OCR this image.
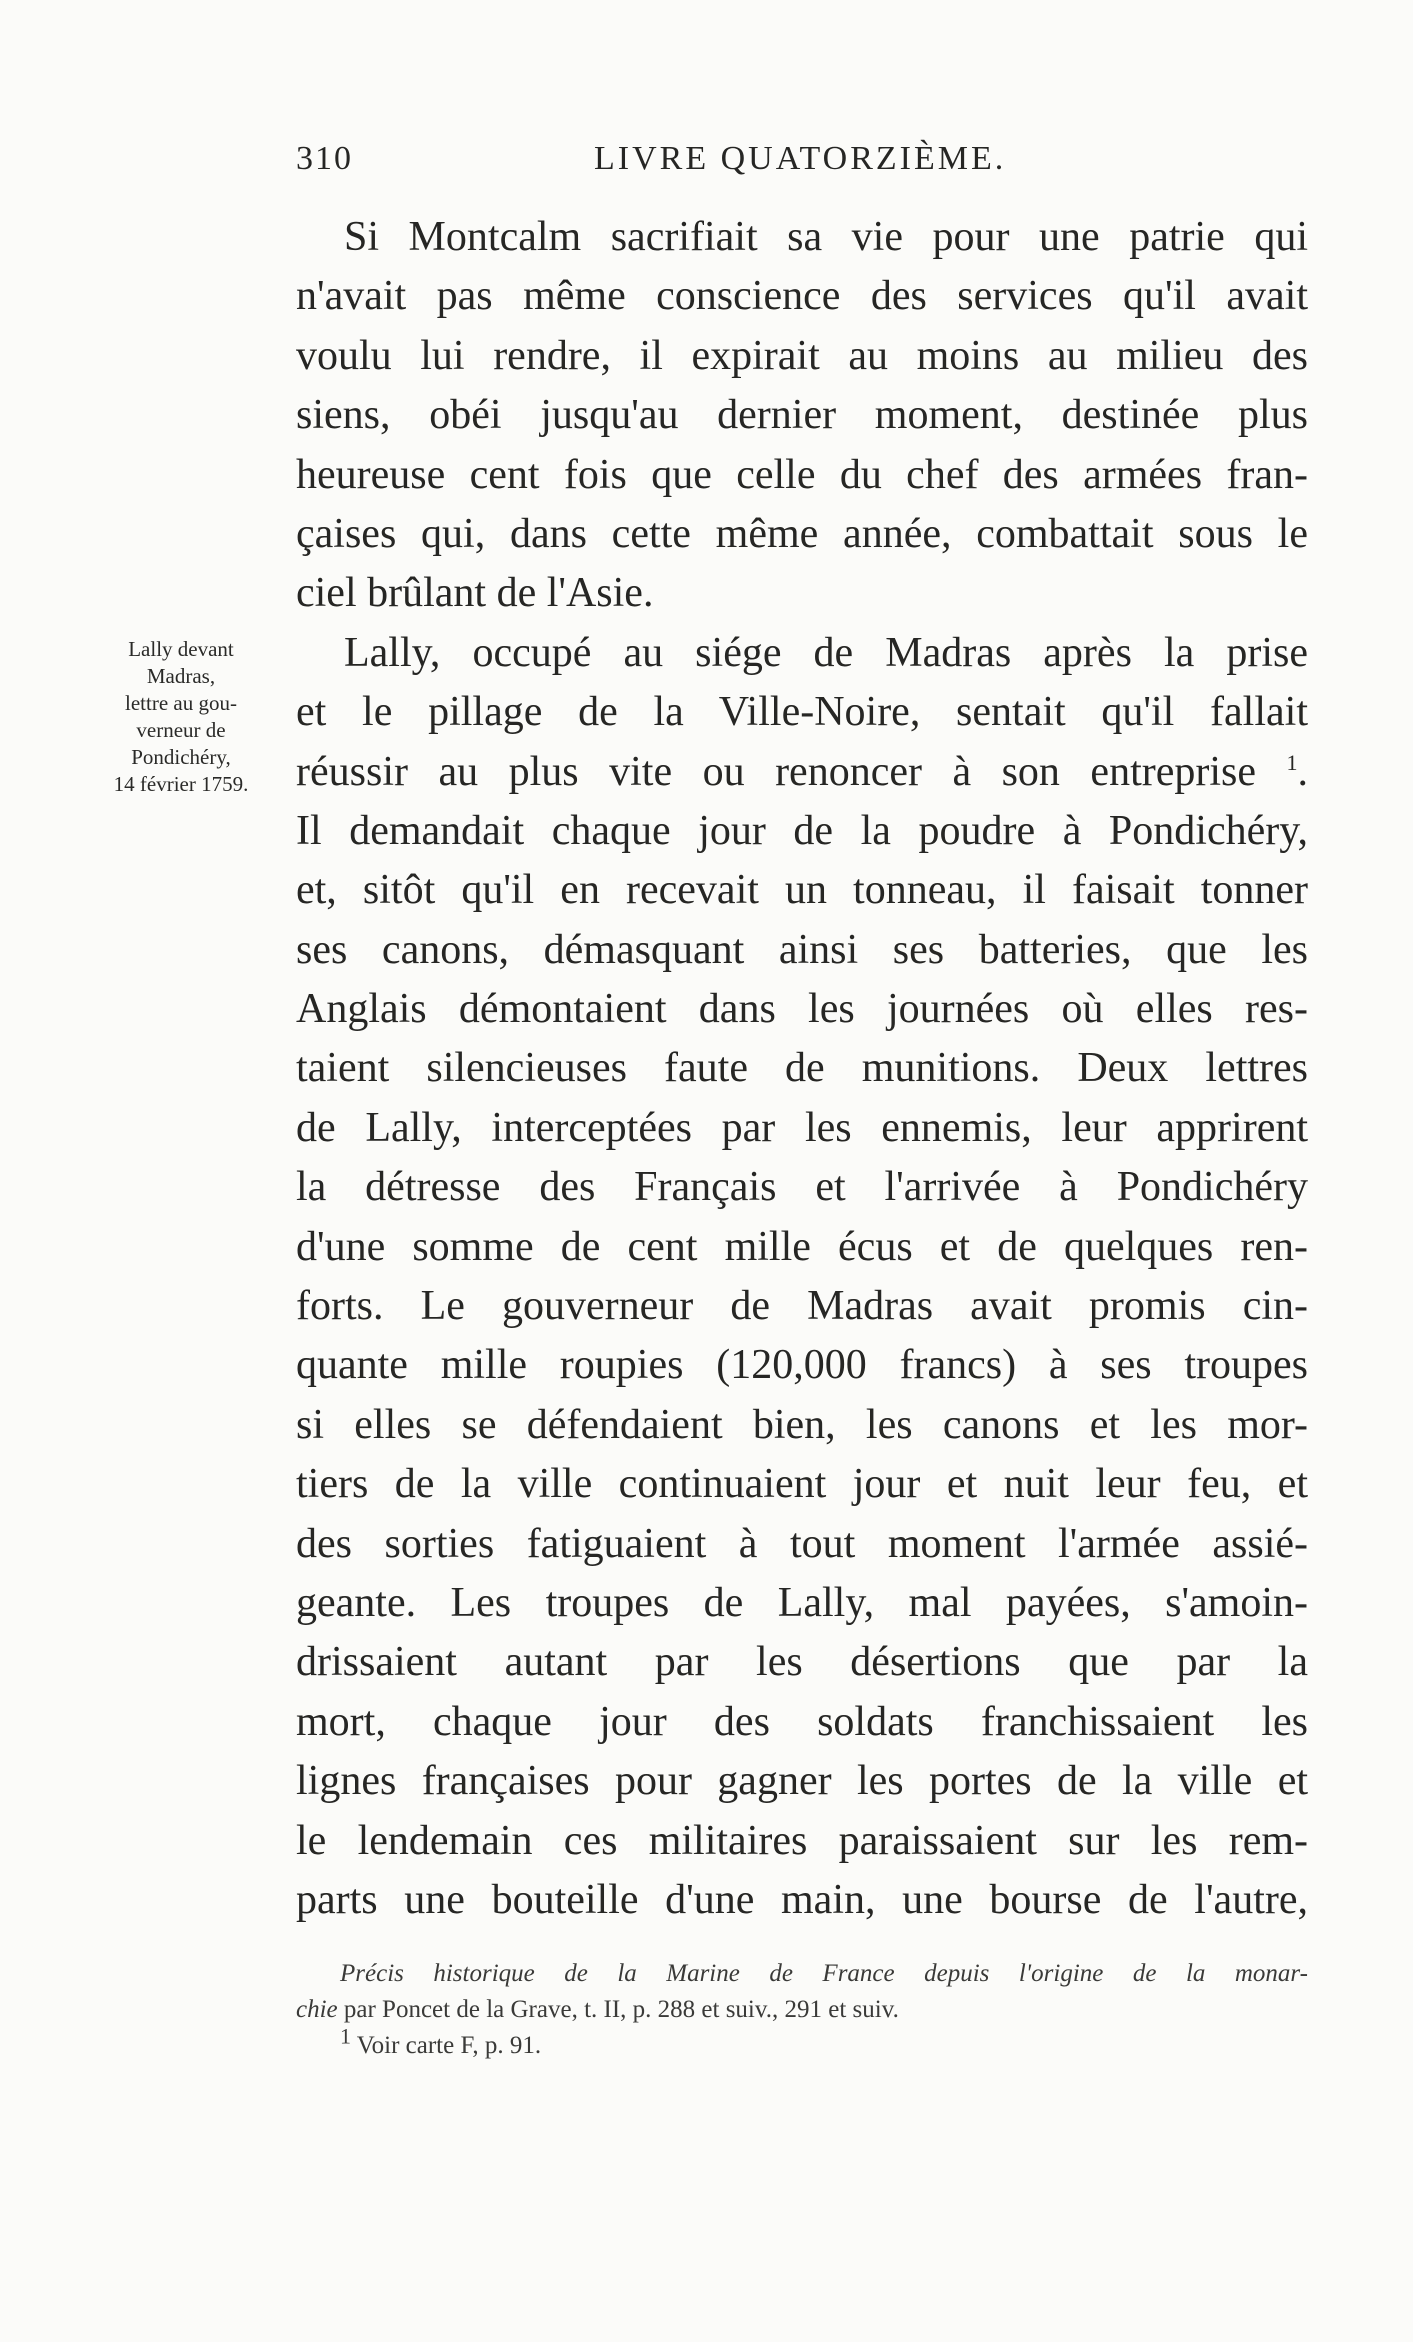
310	LIVRE QUATORZIÈME.
Lally devant
Madras,
lettre au gou-
verneur de
Pondichéry,
14 février 1759.
Si Montcalm sacrifiait sa vie pour une patrie qui
n'avait pas même conscience des services qu'il avait
voulu lui rendre, il expirait au moins au milieu des
siens, obéi jusqu'au dernier moment, destinée plus
heureuse cent fois que celle du chef des armées fran-
çaises qui, dans cette même année, combattait sous le
ciel brûlant de l'Asie.
Lally, occupé au siége de Madras après la prise
et le pillage de la Ville-Noire, sentait qu'il fallait
réussir au plus vite ou renoncer à son entreprise $^1$.
Il demandait chaque jour de la poudre à Pondichéry,
et, sitôt qu'il en recevait un tonneau, il faisait tonner
ses canons, démasquant ainsi ses batteries, que les
Anglais démontaient dans les journées où elles res-
taient silencieuses faute de munitions. Deux lettres
de Lally, interceptées par les ennemis, leur apprirent
la détresse des Français et l'arrivée à Pondichéry
d'une somme de cent mille écus et de quelques ren-
forts. Le gouverneur de Madras avait promis cin-
quante mille roupies (120,000 francs) à ses troupes
si elles se défendaient bien, les canons et les mor-
tiers de la ville continuaient jour et nuit leur feu, et
des sorties fatiguaient à tout moment l'armée assié-
geante. Les troupes de Lally, mal payées, s'amoin-
drissaient autant par les désertions que par la
mort, chaque jour des soldats franchissaient les
lignes françaises pour gagner les portes de la ville et
le lendemain ces militaires paraissaient sur les rem-
parts une bouteille d'une main, une bourse de l'autre,
Précis historique de la Marine de France depuis l'origine de la monar-
chie par Poncet de la Grave, t. II, p. 288 et suiv., 291 et suiv.
$^1$ Voir carte F, p. 91.
